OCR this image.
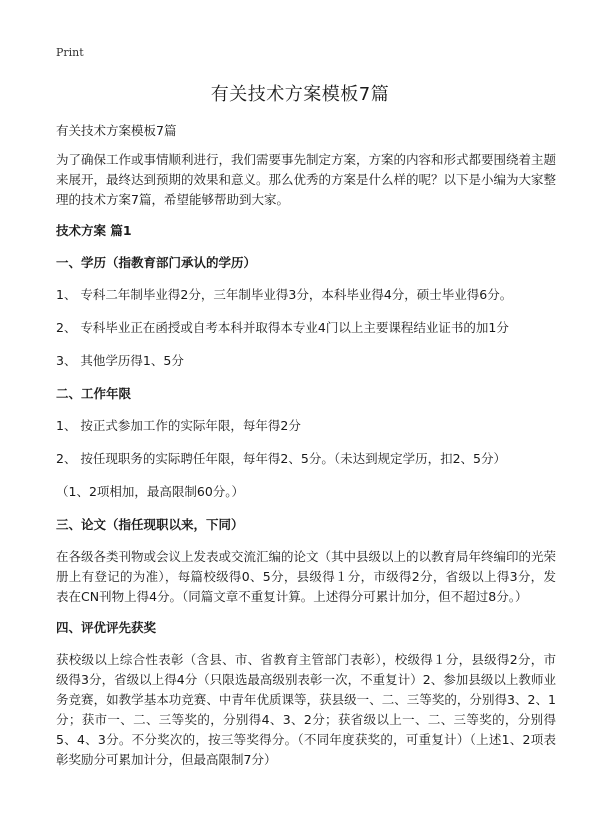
Print
有关技术方案模板7篇

有关技术方案模板7篇

为了确保工作或事情顺利进行，我们需要事先制定方案，方案的内容和形式都要围绕着主题来展开，最终达到预期的效果和意义。那么优秀的方案是什么样的呢？以下是小编为大家整理的技术方案7篇，希望能够帮助到大家。

技术方案 篇1

一、学历（指教育部门承认的学历）

1、 专科二年制毕业得2分，三年制毕业得3分，本科毕业得4分，硕士毕业得6分。

2、 专科毕业正在函授或自考本科并取得本专业4门以上主要课程结业证书的加1分

3、 其他学历得1、5分

二、工作年限

1、 按正式参加工作的实际年限，每年得2分

2、 按任现职务的实际聘任年限，每年得2、5分。（未达到规定学历，扣2、5分）

（1、2项相加，最高限制60分。）

三、论文（指任现职以来，下同）

在各级各类刊物或会议上发表或交流汇编的论文（其中县级以上的以教育局年终编印的光荣册上有登记的为准），每篇校级得0、5分，县级得１分，市级得2分，省级以上得3分，发表在CN刊物上得4分。（同篇文章不重复计算。上述得分可累计加分，但不超过8分。）

四、评优评先获奖

获校级以上综合性表彰（含县、市、省教育主管部门表彰），校级得１分，县级得2分，市级得3分，省级以上得4分（只限选最高级别表彰一次，不重复计）2、参加县级以上教师业务竞赛，如教学基本功竞赛、中青年优质课等，获县级一、二、三等奖的，分别得3、2、1分；获市一、二、三等奖的，分别得4、3、2分；获省级以上一、二、三等奖的，分别得5、4、3分。不分奖次的，按三等奖得分。（不同年度获奖的，可重复计）（上述1、2项表彰奖励分可累加计分，但最高限制7分）
